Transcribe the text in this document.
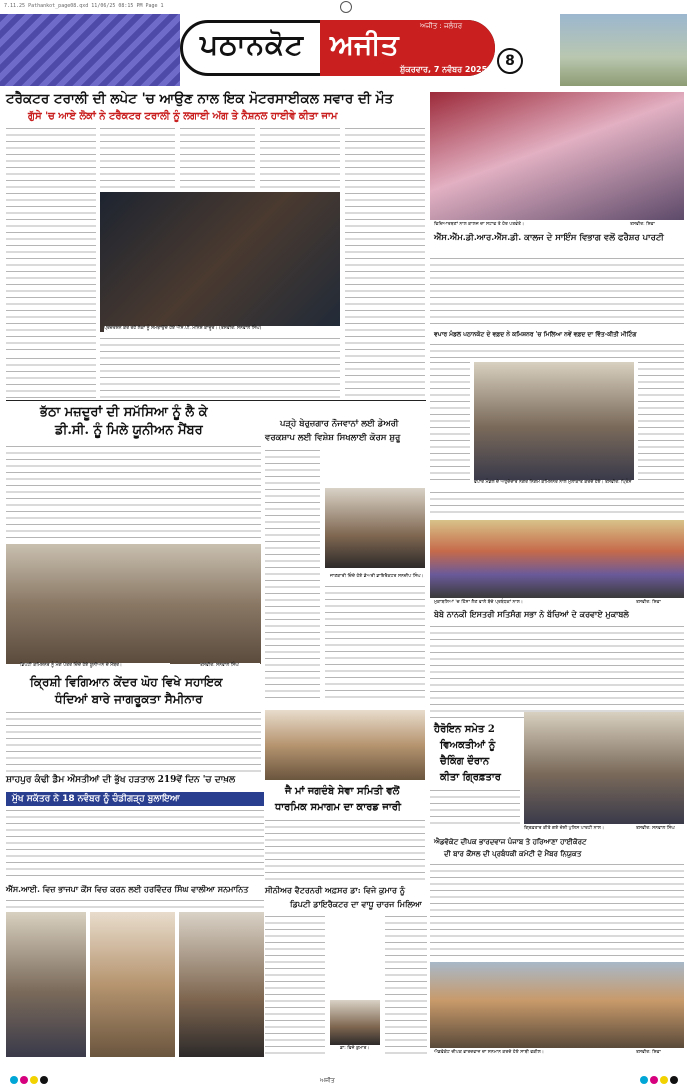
7.11.25 Pathankot_page08.qxd 11/06/25 08:15 PM Page 1
ਪਠਾਨਕੋਟ ਅਜੀਤ
ਅਜੀਤ : ਜਲੰਧਰ
ਸ਼ੁੱਕਰਵਾਰ, 7 ਨਵੰਬਰ 2025
8
ਟਰੈਕਟਰ ਟਰਾਲੀ ਦੀ ਲਪੇਟ 'ਚ ਆਉਣ ਨਾਲ ਇਕ ਮੋਟਰਸਾਈਕਲ ਸਵਾਰ ਦੀ ਮੌਤ
ਗੁੱਸੇ 'ਚ ਆਏ ਲੋਕਾਂ ਨੇ ਟਰੈਕਟਰ ਟਰਾਲੀ ਨੂੰ ਲਗਾਈ ਅੱਗ ਤੇ ਨੈਸ਼ਨਲ ਹਾਈਵੇ ਕੀਤਾ ਜਾਮ
ਪ੍ਰਦਰਸ਼ਨ ਕਰ ਰਹੇ ਲੋਕਾਂ ਨੂੰ ਸਮਝਾਉਂਦੇ ਹੋਏ ਐੱਸ.ਪੀ. ਮਨਿਸ਼ ਕਾਦੂਰ। (ਤਸਵੀਰ: ਸਨਵਾਲ ਸਿੰਘ)
ਭੱਠਾ ਮਜ਼ਦੂਰਾਂ ਦੀ ਸਮੱਸਿਆ ਨੂੰ ਲੈ ਕੇ
ਡੀ.ਸੀ. ਨੂੰ ਮਿਲੇ ਯੂਨੀਅਨ ਮੈਂਬਰ
ਡਿਪਟੀ ਕਮਿਸ਼ਨਰ ਨੂੰ ਮੰਗ ਪੱਤਰ ਦਿੰਦੇ ਹੋਏ ਯੂਨੀਅਨ ਦੇ ਮੈਂਬਰ।	ਤਸਵੀਰ: ਸਨਵਾਲ ਸਿੰਘ
ਕ੍ਰਿਸ਼ੀ ਵਿਗਿਆਨ ਕੇਂਦਰ ਘੋਹ ਵਿਖੇ ਸਹਾਇਕ
ਧੰਦਿਆਂ ਬਾਰੇ ਜਾਗਰੂਕਤਾ ਸੈਮੀਨਾਰ
ਸ਼ਾਹਪੁਰ ਕੰਢੀ ਡੈਮ ਔਸਤੀਆਂ ਦੀ ਭੁੱਖ ਹੜਤਾਲ 219ਵੇਂ ਦਿਨ 'ਚ ਦਾਖ਼ਲ
ਮੁੱਖ ਸਕੱਤਰ ਨੇ 18 ਨਵੰਬਰ ਨੂੰ ਚੰਡੀਗੜ੍ਹ ਬੁਲਾਇਆ
ਐੱਸ.ਆਈ. ਵਿਜ਼ ਭਾਜਪਾ ਕੌਂਸ ਵਿਚ ਕਰਨ ਲਈ ਹਰਵਿੰਦਰ ਸਿੰਘ ਵਾਲੀਆ ਸਨਮਾਨਿਤ
ਪੜ੍ਹੇ ਬੇਰੁਜ਼ਗਾਰ ਨੌਜਵਾਨਾਂ ਲਈ ਡੇਅਰੀ
ਵਰਕਸ਼ਾਪ ਲਈ ਵਿਸ਼ੇਸ਼ ਸਿਖਲਾਈ ਕੋਰਸ ਸ਼ੁਰੂ
ਜਾਣਕਾਰੀ ਦਿੰਦੇ ਹੋਏ ਡੇਅਰੀ ਡਾਇਰੈਕਟਰ ਸਨਦੀਪ ਸਿੰਘ।
ਜੈ ਮਾਂ ਜਗਦੰਬੇ ਸੇਵਾ ਸਮਿਤੀ ਵਲੋਂ
ਧਾਰਮਿਕ ਸਮਾਗਮ ਦਾ ਕਾਰਡ ਜਾਰੀ
ਸੀਨੀਅਰ ਵੈਟਰਨਰੀ ਅਫ਼ਸਰ ਡਾ: ਵਿਜੇ ਕੁਮਾਰ ਨੂੰ
ਡਿਪਟੀ ਡਾਇਰੈਕਟਰ ਦਾ ਵਾਧੂ ਚਾਰਜ ਮਿਲਿਆ
ਡਾ: ਵਿਜੇ ਕੁਮਾਰ।
ਵਿਦਿਆਰਥਣਾਂ ਨਾਲ ਕਾਲਜ ਦਾ ਸਟਾਫ ਤੇ ਹੋਰ ਪਤਵੰਤੇ।	ਤਸਵੀਰ: ਸ਼ਿਵਾ
ਐੱਸ.ਐੱਮ.ਡੀ.ਆਰ.ਐੱਸ.ਡੀ. ਕਾਲਜ ਦੇ ਸਾਇੰਸ ਵਿਭਾਗ ਵਲੋਂ ਫਰੈਸ਼ਰ ਪਾਰਟੀ
ਵਪਾਰ ਮੰਡਲ ਪਠਾਨਕੋਟ ਦੇ ਵਫ਼ਦ ਨੇ ਕਮਿਸ਼ਨਰ 'ਚ ਮਿਲਿਆ ਨਵੇਂ ਵਫ਼ਦ ਦਾ ਵਿੱਤ-ਕੀਤੀ ਮੀਟਿੰਗ
ਵਪਾਰ ਮੰਡਲ ਦੇ ਅਹੁਦੇਦਾਰ ਨਗਰ ਨਿਗਮ ਕਮਿਸ਼ਨਰ ਨਾਲ ਮੁਲਾਕਾਤ ਕਰਦੇ ਹੋਏ। ਤਸਵੀਰ: ਪ੍ਰਿੰਸ
ਮੁਕਾਬਲਿਆਂ 'ਚ ਹਿੱਸਾ ਲੈਣ ਵਾਲੇ ਬੱਚੇ ਪ੍ਰਬੰਧਕਾਂ ਨਾਲ।	ਤਸਵੀਰ: ਸ਼ਿਵਾ
ਬੇਬੇ ਨਾਨਕੀ ਇਸਤਰੀ ਸਤਿਸੰਗ ਸਭਾ ਨੇ ਬੱਚਿਆਂ ਦੇ ਕਰਵਾਏ ਮੁਕਾਬਲੇ
ਹੈਰੋਇਨ ਸਮੇਤ 2
ਵਿਅਕਤੀਆਂ ਨੂੰ
ਚੈਕਿੰਗ ਦੌਰਾਨ
ਕੀਤਾ ਗ੍ਰਿਫ਼ਤਾਰ
ਗ੍ਰਿਫ਼ਤਾਰ ਕੀਤੇ ਗਏ ਦੋਸ਼ੀ ਪੁਲਿਸ ਪਾਰਟੀ ਨਾਲ।	ਤਸਵੀਰ: ਸਨਵਾਲ ਸਿੰਘ
ਐਡਵੋਕੇਟ ਦੀਪਕ ਭਾਰਦਵਾਜ ਪੰਜਾਬ ਤੇ ਹਰਿਆਣਾ ਹਾਈਕੋਰਟ
ਦੀ ਬਾਰ ਕੌਂਸਲ ਦੀ ਪ੍ਰਬੰਧਕੀ ਕਮੇਟੀ ਦੇ ਮੈਂਬਰ ਨਿਯੁਕਤ
ਐਡਵੋਕੇਟ ਦੀਪਕ ਭਾਰਦਵਾਜ ਦਾ ਸਨਮਾਨ ਕਰਦੇ ਹੋਏ ਸਾਥੀ ਵਕੀਲ।	ਤਸਵੀਰ: ਸ਼ਿਵਾ
ਅਜੀਤ
